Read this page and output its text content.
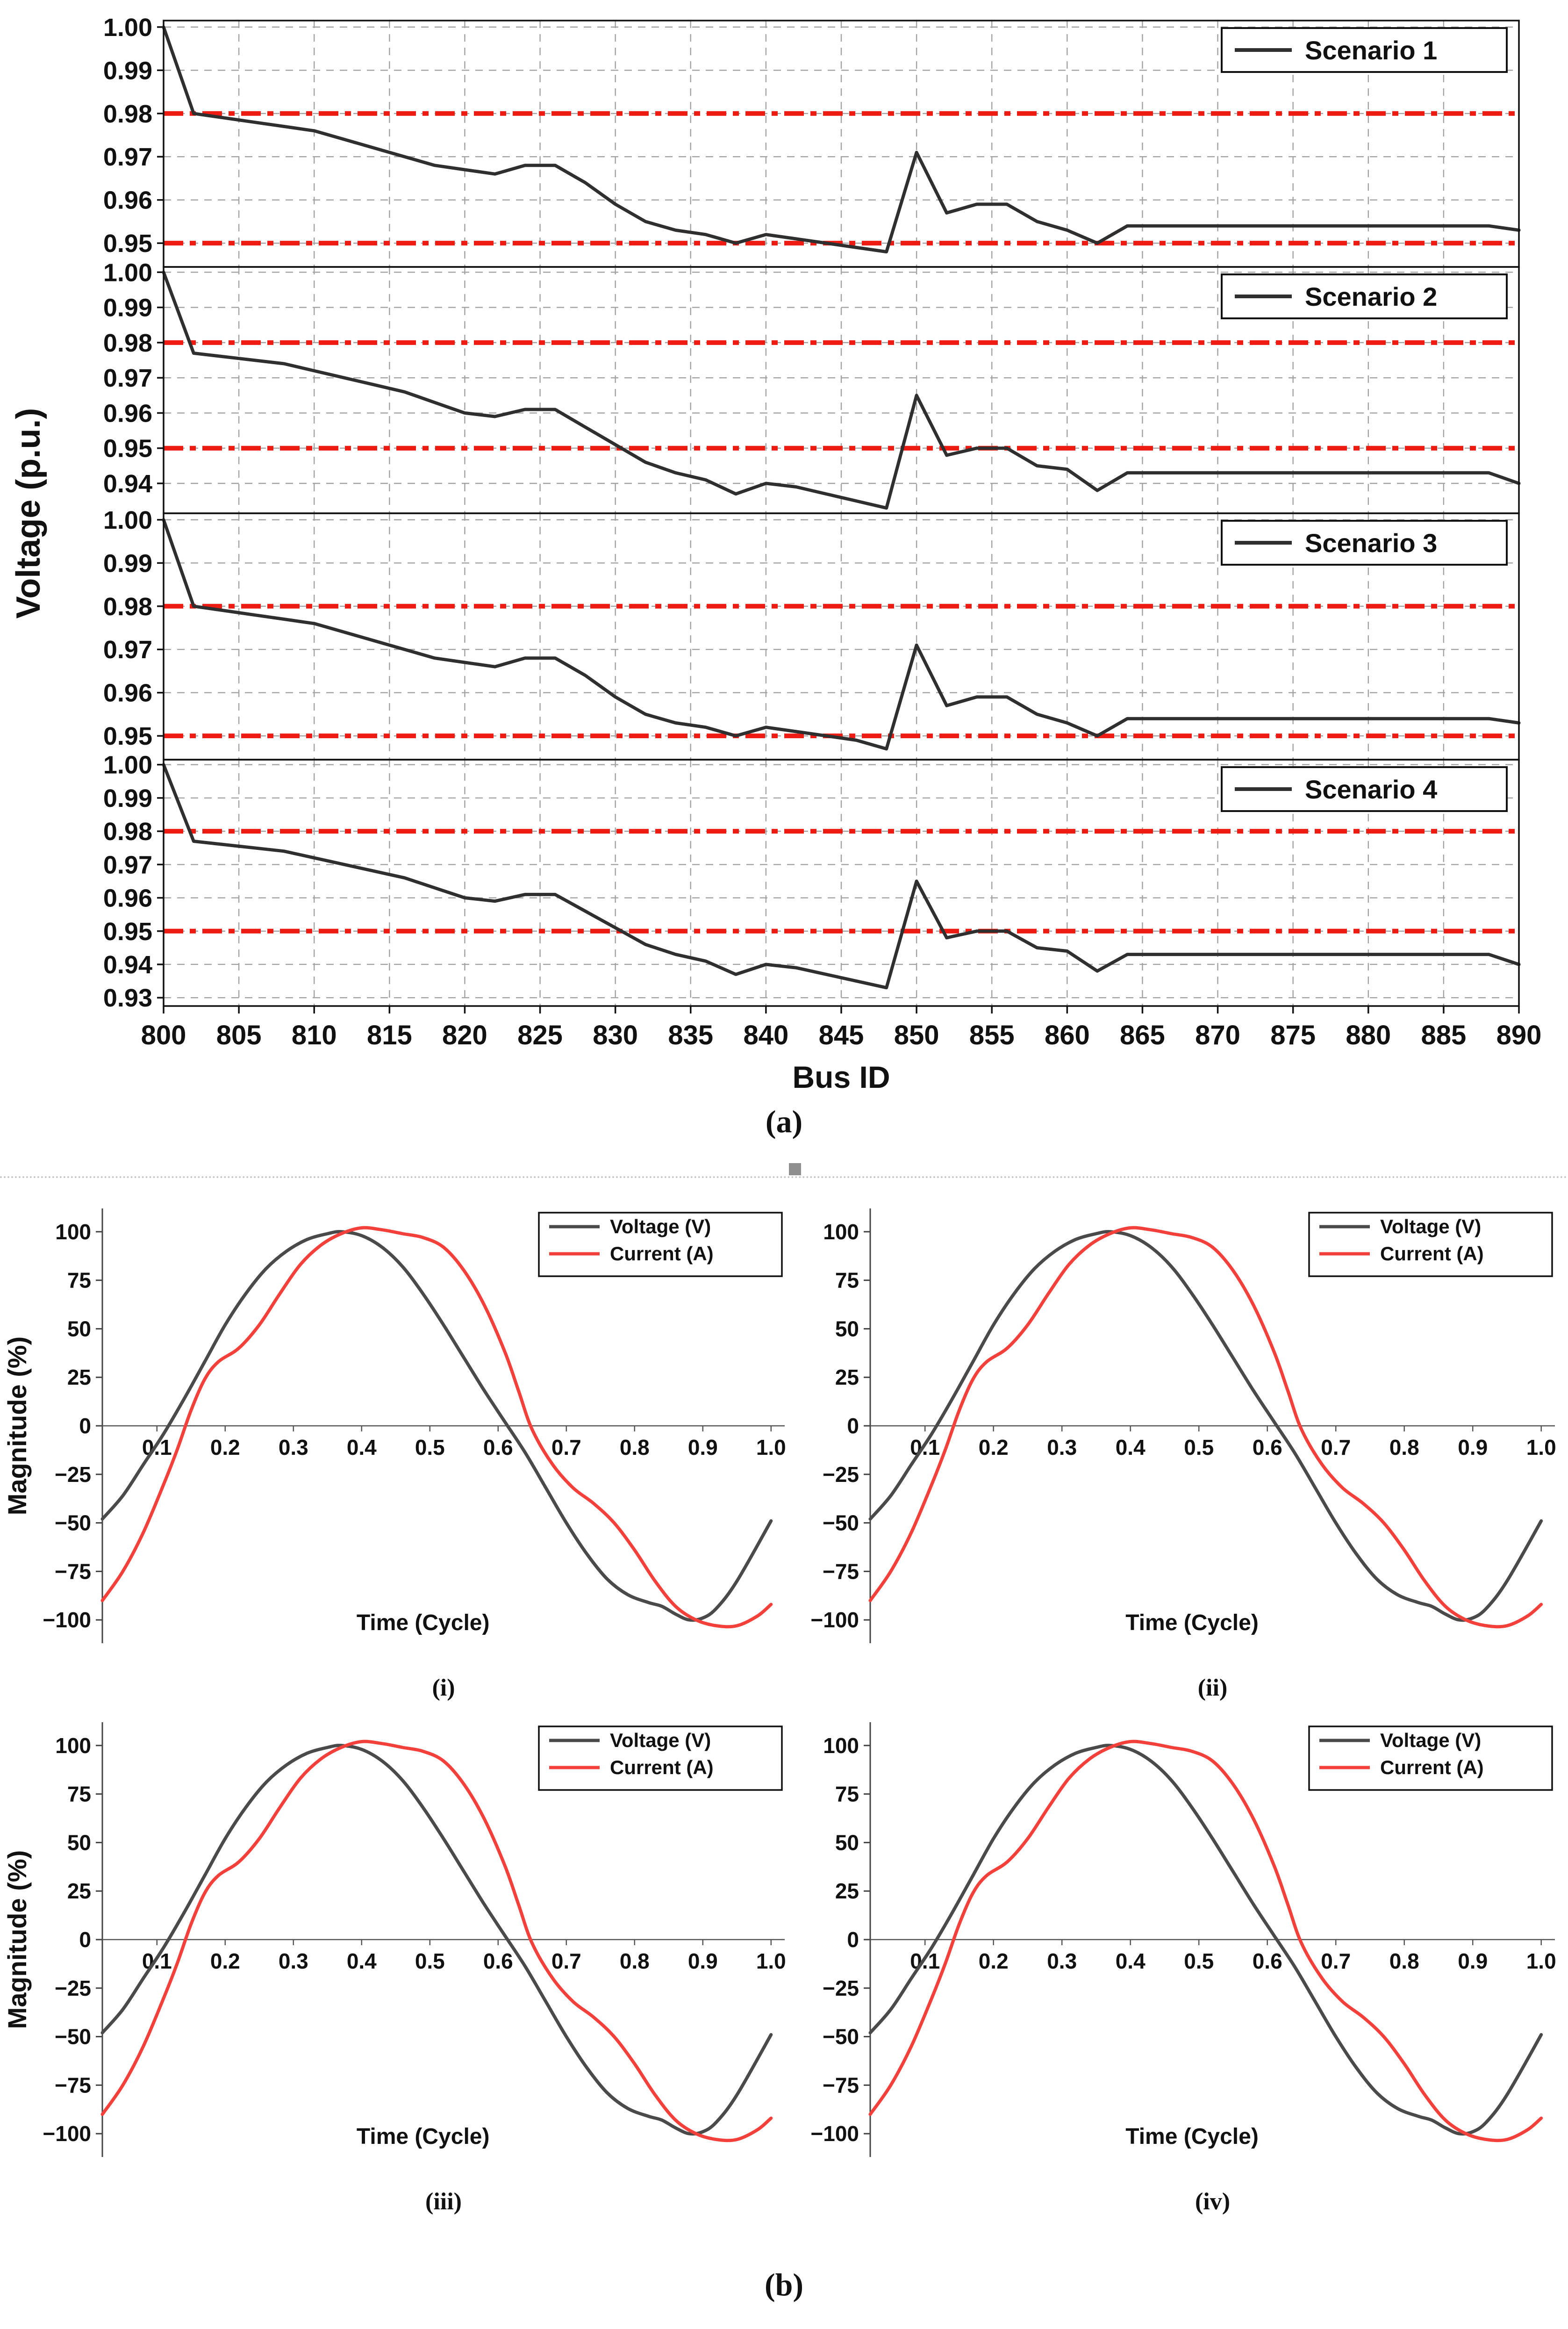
1.00
0.99
0.98
0.97
0.96
0.95
Scenario 1
1.00
0.99
0.98
0.97
0.96
0.95
0.94
Scenario 2
1.00
0.99
0.98
0.97
0.96
0.95
Scenario 3
1.00
0.99
0.98
0.97
0.96
0.95
0.94
0.93
Scenario 4
800 805 810 815 820 825 830 835 840 845 850 855 860 865 870 875 880 885 890
Bus ID
Voltage (p.u.)
(a)
100
75
50
25
0
−25
−50
−75
−100
0.1 0.2 0.3 0.4 0.5 0.6 0.7 0.8 0.9 1.0
Voltage (V)
Current (A)
Time (Cycle)
(i)
Magnitude (%)
100
75
50
25
0
−25
−50
−75
−100
0.1 0.2 0.3 0.4 0.5 0.6 0.7 0.8 0.9 1.0
Voltage (V)
Current (A)
Time (Cycle)
(ii)
100
75
50
25
0
−25
−50
−75
−100
0.1 0.2 0.3 0.4 0.5 0.6 0.7 0.8 0.9 1.0
Voltage (V)
Current (A)
Time (Cycle)
(iii)
Magnitude (%)
100
75
50
25
0
−25
−50
−75
−100
0.1 0.2 0.3 0.4 0.5 0.6 0.7 0.8 0.9 1.0
Voltage (V)
Current (A)
Time (Cycle)
(iv)
(b)
